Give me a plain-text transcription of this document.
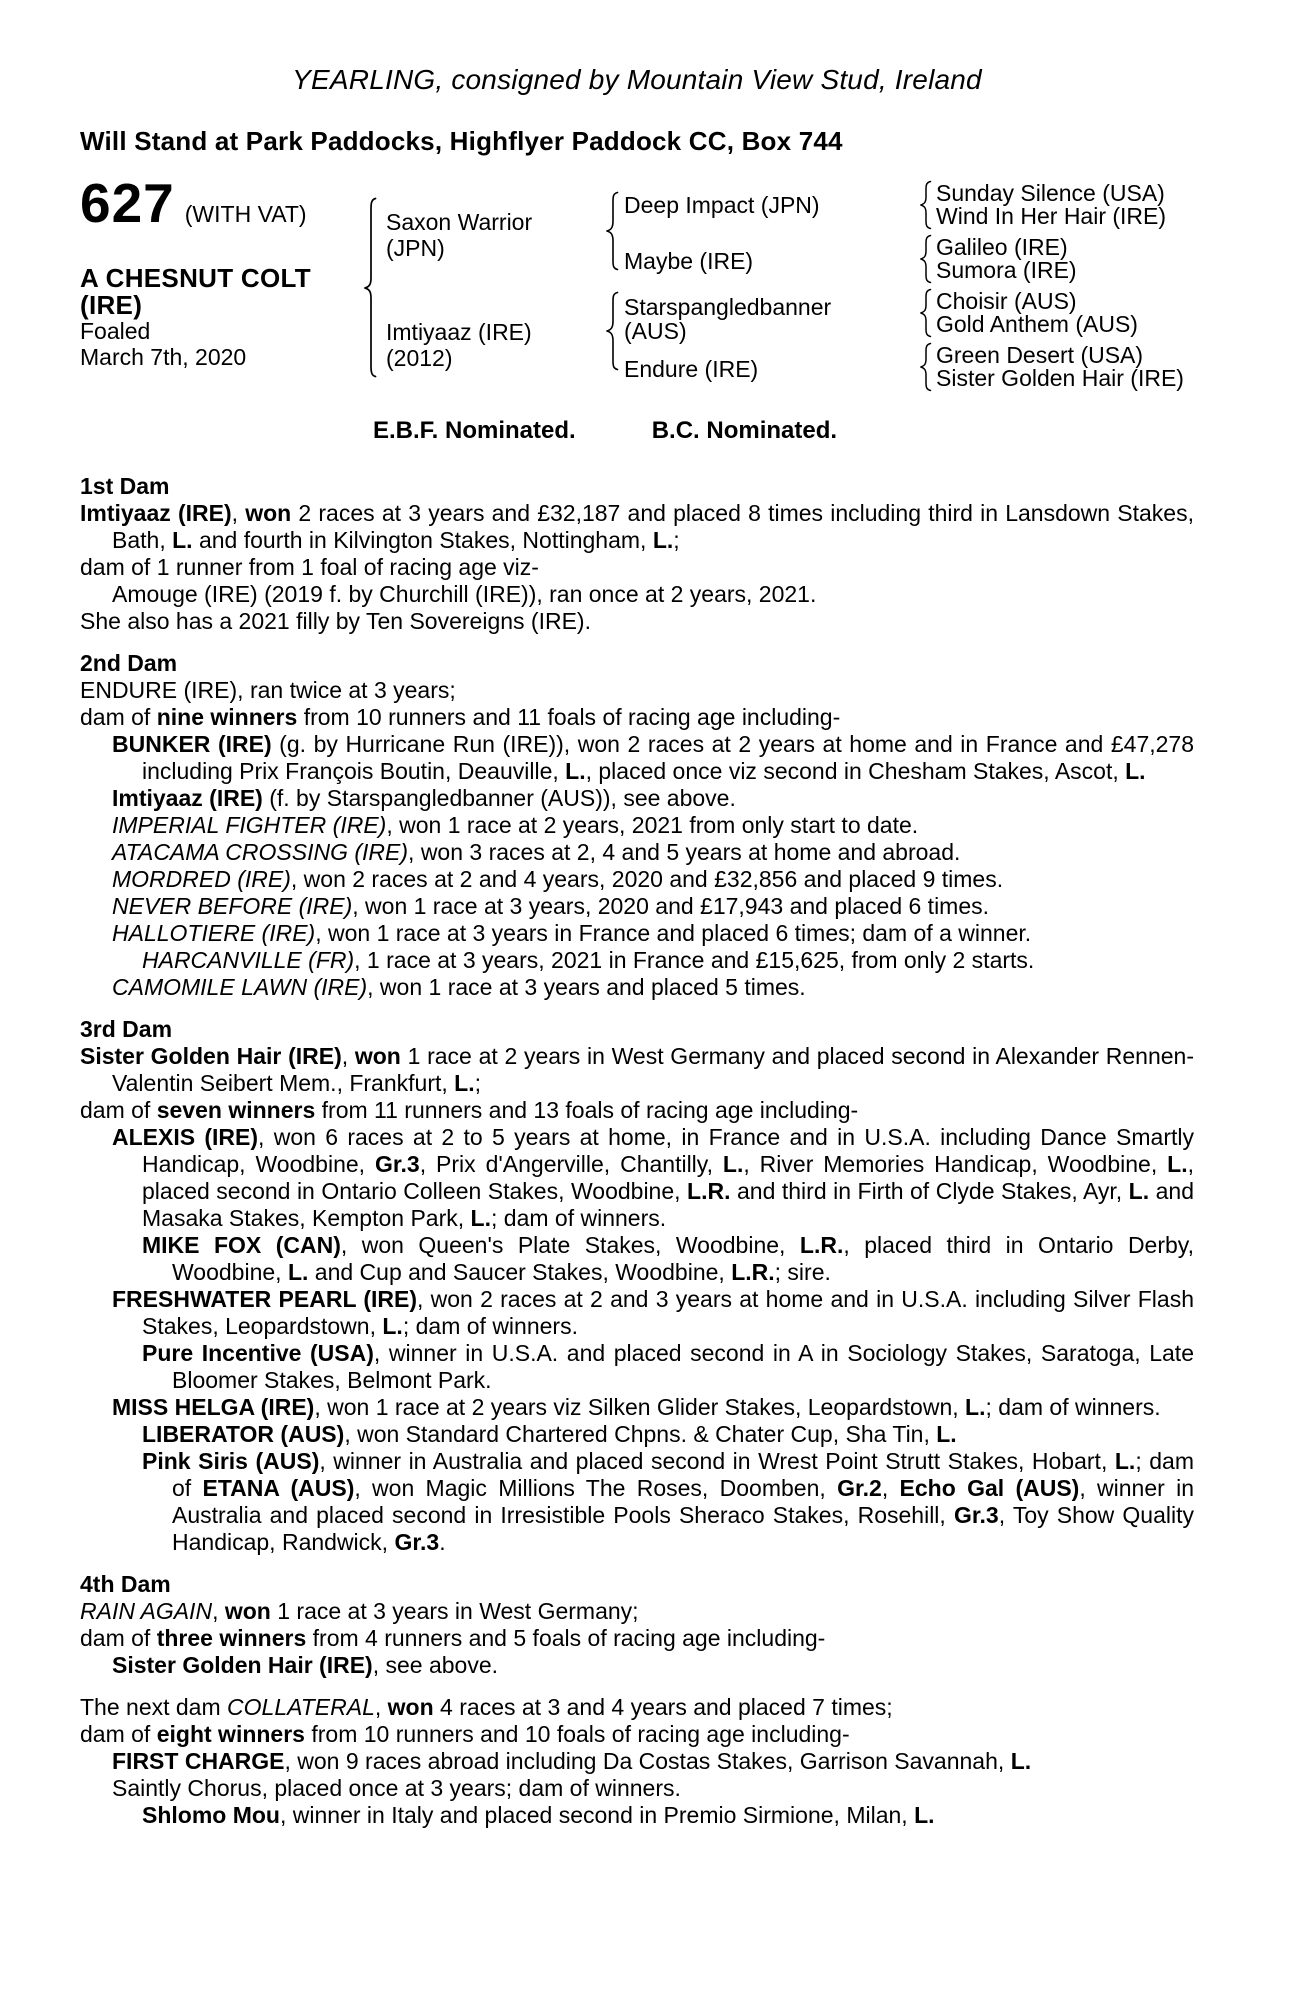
YEARLING, consigned by Mountain View Stud, Ireland
Will Stand at Park Paddocks, Highflyer Paddock CC, Box 744
627 (WITH VAT)
A CHESNUT COLT
(IRE)
Foaled
March 7th, 2020
Saxon Warrior
(JPN)
Imtiyaaz (IRE)
(2012)
Deep Impact (JPN)
Maybe (IRE)
Starspangledbanner
(AUS)
Endure (IRE)
Sunday Silence (USA)
Wind In Her Hair (IRE)
Galileo (IRE)
Sumora (IRE)
Choisir (AUS)
Gold Anthem (AUS)
Green Desert (USA)
Sister Golden Hair (IRE)
E.B.F. Nominated.	B.C. Nominated.
1st Dam
Imtiyaaz (IRE), won 2 races at 3 years and £32,187 and placed 8 times including third in Lansdown Stakes, Bath, L. and fourth in Kilvington Stakes, Nottingham, L.;
dam of 1 runner from 1 foal of racing age viz-
Amouge (IRE) (2019 f. by Churchill (IRE)), ran once at 2 years, 2021.
She also has a 2021 filly by Ten Sovereigns (IRE).
2nd Dam
ENDURE (IRE), ran twice at 3 years;
dam of nine winners from 10 runners and 11 foals of racing age including-
BUNKER (IRE) (g. by Hurricane Run (IRE)), won 2 races at 2 years at home and in France and £47,278 including Prix François Boutin, Deauville, L., placed once viz second in Chesham Stakes, Ascot, L.
Imtiyaaz (IRE) (f. by Starspangledbanner (AUS)), see above.
IMPERIAL FIGHTER (IRE), won 1 race at 2 years, 2021 from only start to date.
ATACAMA CROSSING (IRE), won 3 races at 2, 4 and 5 years at home and abroad.
MORDRED (IRE), won 2 races at 2 and 4 years, 2020 and £32,856 and placed 9 times.
NEVER BEFORE (IRE), won 1 race at 3 years, 2020 and £17,943 and placed 6 times.
HALLOTIERE (IRE), won 1 race at 3 years in France and placed 6 times; dam of a winner.
HARCANVILLE (FR), 1 race at 3 years, 2021 in France and £15,625, from only 2 starts.
CAMOMILE LAWN (IRE), won 1 race at 3 years and placed 5 times.
3rd Dam
Sister Golden Hair (IRE), won 1 race at 2 years in West Germany and placed second in Alexander Rennen-Valentin Seibert Mem., Frankfurt, L.;
dam of seven winners from 11 runners and 13 foals of racing age including-
ALEXIS (IRE), won 6 races at 2 to 5 years at home, in France and in U.S.A. including Dance Smartly Handicap, Woodbine, Gr.3, Prix d'Angerville, Chantilly, L., River Memories Handicap, Woodbine, L., placed second in Ontario Colleen Stakes, Woodbine, L.R. and third in Firth of Clyde Stakes, Ayr, L. and Masaka Stakes, Kempton Park, L.; dam of winners.
MIKE FOX (CAN), won Queen's Plate Stakes, Woodbine, L.R., placed third in Ontario Derby, Woodbine, L. and Cup and Saucer Stakes, Woodbine, L.R.; sire.
FRESHWATER PEARL (IRE), won 2 races at 2 and 3 years at home and in U.S.A. including Silver Flash Stakes, Leopardstown, L.; dam of winners.
Pure Incentive (USA), winner in U.S.A. and placed second in A in Sociology Stakes, Saratoga, Late Bloomer Stakes, Belmont Park.
MISS HELGA (IRE), won 1 race at 2 years viz Silken Glider Stakes, Leopardstown, L.; dam of winners.
LIBERATOR (AUS), won Standard Chartered Chpns. & Chater Cup, Sha Tin, L.
Pink Siris (AUS), winner in Australia and placed second in Wrest Point Strutt Stakes, Hobart, L.; dam of ETANA (AUS), won Magic Millions The Roses, Doomben, Gr.2, Echo Gal (AUS), winner in Australia and placed second in Irresistible Pools Sheraco Stakes, Rosehill, Gr.3, Toy Show Quality Handicap, Randwick, Gr.3.
4th Dam
RAIN AGAIN, won 1 race at 3 years in West Germany;
dam of three winners from 4 runners and 5 foals of racing age including-
Sister Golden Hair (IRE), see above.
The next dam COLLATERAL, won 4 races at 3 and 4 years and placed 7 times;
dam of eight winners from 10 runners and 10 foals of racing age including-
FIRST CHARGE, won 9 races abroad including Da Costas Stakes, Garrison Savannah, L.
Saintly Chorus, placed once at 3 years; dam of winners.
Shlomo Mou, winner in Italy and placed second in Premio Sirmione, Milan, L.
